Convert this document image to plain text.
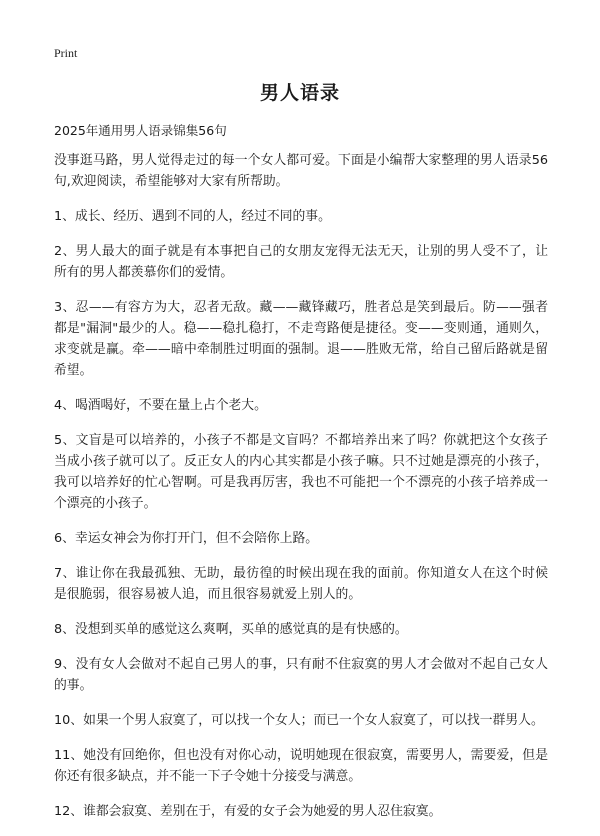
Print
男人语录

2025年通用男人语录锦集56句

没事逛马路，男人觉得走过的每一个女人都可爱。下面是小编帮大家整理的男人语录56句,欢迎阅读，希望能够对大家有所帮助。

1、成长、经历、遇到不同的人，经过不同的事。

2、男人最大的面子就是有本事把自己的女朋友宠得无法无天，让别的男人受不了，让所有的男人都羡慕你们的爱情。

3、忍——有容方为大，忍者无敌。藏——藏锋藏巧，胜者总是笑到最后。防——强者都是"漏洞"最少的人。稳——稳扎稳打，不走弯路便是捷径。变——变则通，通则久，求变就是赢。牵——暗中牵制胜过明面的强制。退——胜败无常，给自己留后路就是留希望。

4、喝酒喝好，不要在量上占个老大。

5、文盲是可以培养的，小孩子不都是文盲吗？不都培养出来了吗？你就把这个女孩子当成小孩子就可以了。反正女人的内心其实都是小孩子嘛。只不过她是漂亮的小孩子，我可以培养好的忙心智啊。可是我再厉害，我也不可能把一个不漂亮的小孩子培养成一个漂亮的小孩子。

6、幸运女神会为你打开门，但不会陪你上路。

7、谁让你在我最孤独、无助，最彷徨的时候出现在我的面前。你知道女人在这个时候是很脆弱，很容易被人追，而且很容易就爱上别人的。

8、没想到买单的感觉这么爽啊，买单的感觉真的是有快感的。

9、没有女人会做对不起自己男人的事，只有耐不住寂寞的男人才会做对不起自己女人的事。

10、如果一个男人寂寞了，可以找一个女人；而已一个女人寂寞了，可以找一群男人。

11、她没有回绝你，但也没有对你心动，说明她现在很寂寞，需要男人，需要爱，但是你还有很多缺点，并不能一下子令她十分接受与满意。

12、谁都会寂寞、差别在于，有爱的女子会为她爱的男人忍住寂寞。
